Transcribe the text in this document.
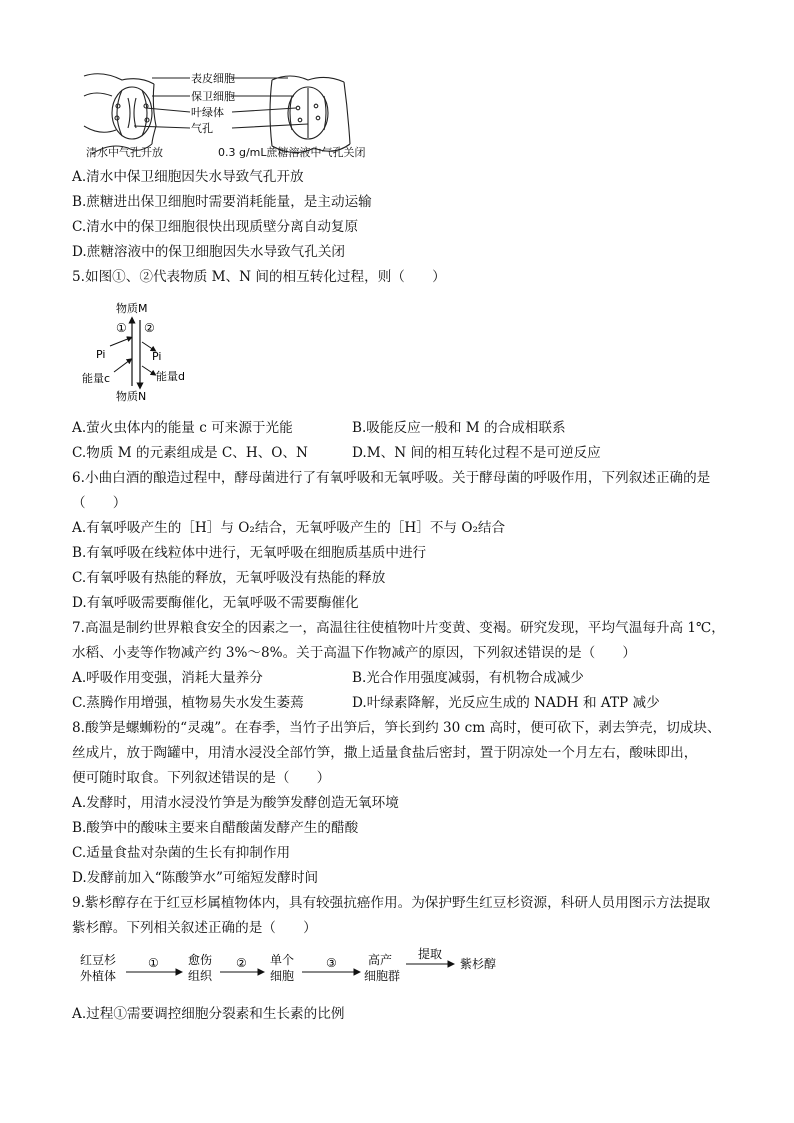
表皮细胞
保卫细胞
叶绿体
气孔
清水中气孔开放	0.3 g/mL蔗糖溶液中气孔关闭
A.清水中保卫细胞因失水导致气孔开放
B.蔗糖进出保卫细胞时需要消耗能量，是主动运输
C.清水中的保卫细胞很快出现质壁分离自动复原
D.蔗糖溶液中的保卫细胞因失水导致气孔关闭
5.如图①、②代表物质 M、N 间的相互转化过程，则（　　）
物质M
物质N
① ②
Pi	Pi
能量c	能量d
A.萤火虫体内的能量 c 可来源于光能	B.吸能反应一般和 M 的合成相联系
C.物质 M 的元素组成是 C、H、O、N	D.M、N 间的相互转化过程不是可逆反应
6.小曲白酒的酿造过程中，酵母菌进行了有氧呼吸和无氧呼吸。关于酵母菌的呼吸作用，下列叙述正确的是
（　　）
A.有氧呼吸产生的［H］与 O₂结合，无氧呼吸产生的［H］不与 O₂结合
B.有氧呼吸在线粒体中进行，无氧呼吸在细胞质基质中进行
C.有氧呼吸有热能的释放，无氧呼吸没有热能的释放
D.有氧呼吸需要酶催化，无氧呼吸不需要酶催化
7.高温是制约世界粮食安全的因素之一，高温往往使植物叶片变黄、变褐。研究发现，平均气温每升高 1℃，
水稻、小麦等作物减产约 3%～8%。关于高温下作物减产的原因，下列叙述错误的是（　　）
A.呼吸作用变强，消耗大量养分	B.光合作用强度减弱，有机物合成减少
C.蒸腾作用增强，植物易失水发生萎蔫	D.叶绿素降解，光反应生成的 NADH 和 ATP 减少
8.酸笋是螺蛳粉的“灵魂”。在春季，当竹子出笋后，笋长到约 30 cm 高时，便可砍下，剥去笋壳，切成块、
丝成片，放于陶罐中，用清水浸没全部竹笋，撒上适量食盐后密封，置于阴凉处一个月左右，酸味即出，
便可随时取食。下列叙述错误的是（　　）
A.发酵时，用清水浸没竹笋是为酸笋发酵创造无氧环境
B.酸笋中的酸味主要来自醋酸菌发酵产生的醋酸
C.适量食盐对杂菌的生长有抑制作用
D.发酵前加入“陈酸笋水”可缩短发酵时间
9.紫杉醇存在于红豆杉属植物体内，具有较强抗癌作用。为保护野生红豆杉资源，科研人员用图示方法提取
紫杉醇。下列相关叙述正确的是（　　）
红豆杉
外植体
① 愈伤
组织
② 单个
细胞
③	高产
细胞群
提取
紫杉醇
A.过程①需要调控细胞分裂素和生长素的比例
